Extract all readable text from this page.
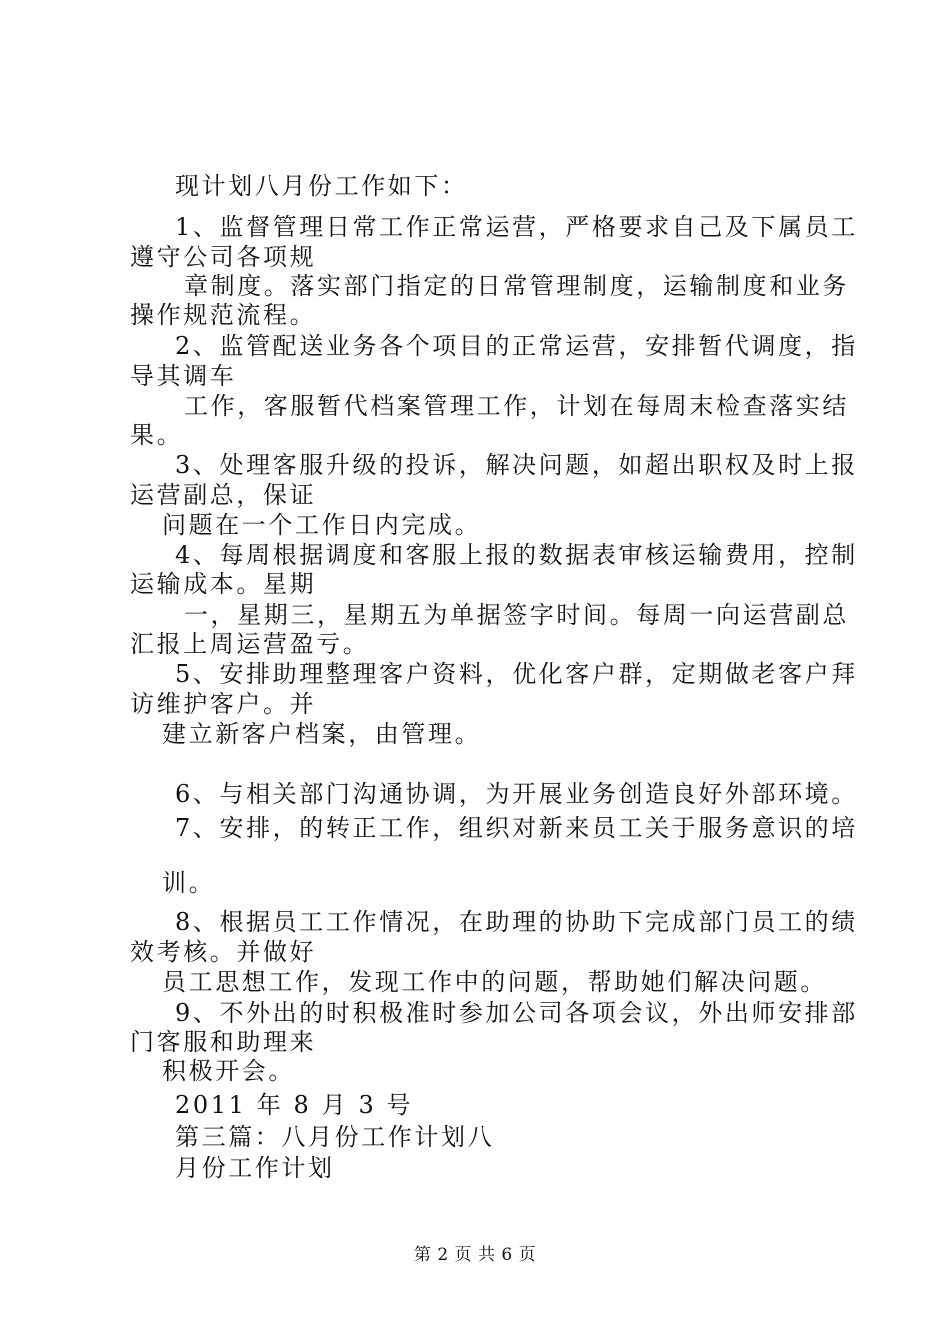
现计划八月份工作如下：
1、监督管理日常工作正常运营，严格要求自己及下属员工
遵守公司各项规
章制度。落实部门指定的日常管理制度，运输制度和业务
操作规范流程。
2、监管配送业务各个项目的正常运营，安排暂代调度，指
导其调车
工作，客服暂代档案管理工作，计划在每周末检查落实结
果。
3、处理客服升级的投诉，解决问题，如超出职权及时上报
运营副总，保证
问题在一个工作日内完成。
4、每周根据调度和客服上报的数据表审核运输费用，控制
运输成本。星期
一，星期三，星期五为单据签字时间。每周一向运营副总
汇报上周运营盈亏。
5、安排助理整理客户资料，优化客户群，定期做老客户拜
访维护客户。并
建立新客户档案，由管理。
6、与相关部门沟通协调，为开展业务创造良好外部环境。
7、安排，的转正工作，组织对新来员工关于服务意识的培
训。
8、根据员工工作情况，在助理的协助下完成部门员工的绩
效考核。并做好
员工思想工作，发现工作中的问题，帮助她们解决问题。
9、不外出的时积极准时参加公司各项会议，外出师安排部
门客服和助理来
积极开会。
2011 年 8 月 3 号
第三篇：八月份工作计划八
月份工作计划
第 2 页 共 6 页
